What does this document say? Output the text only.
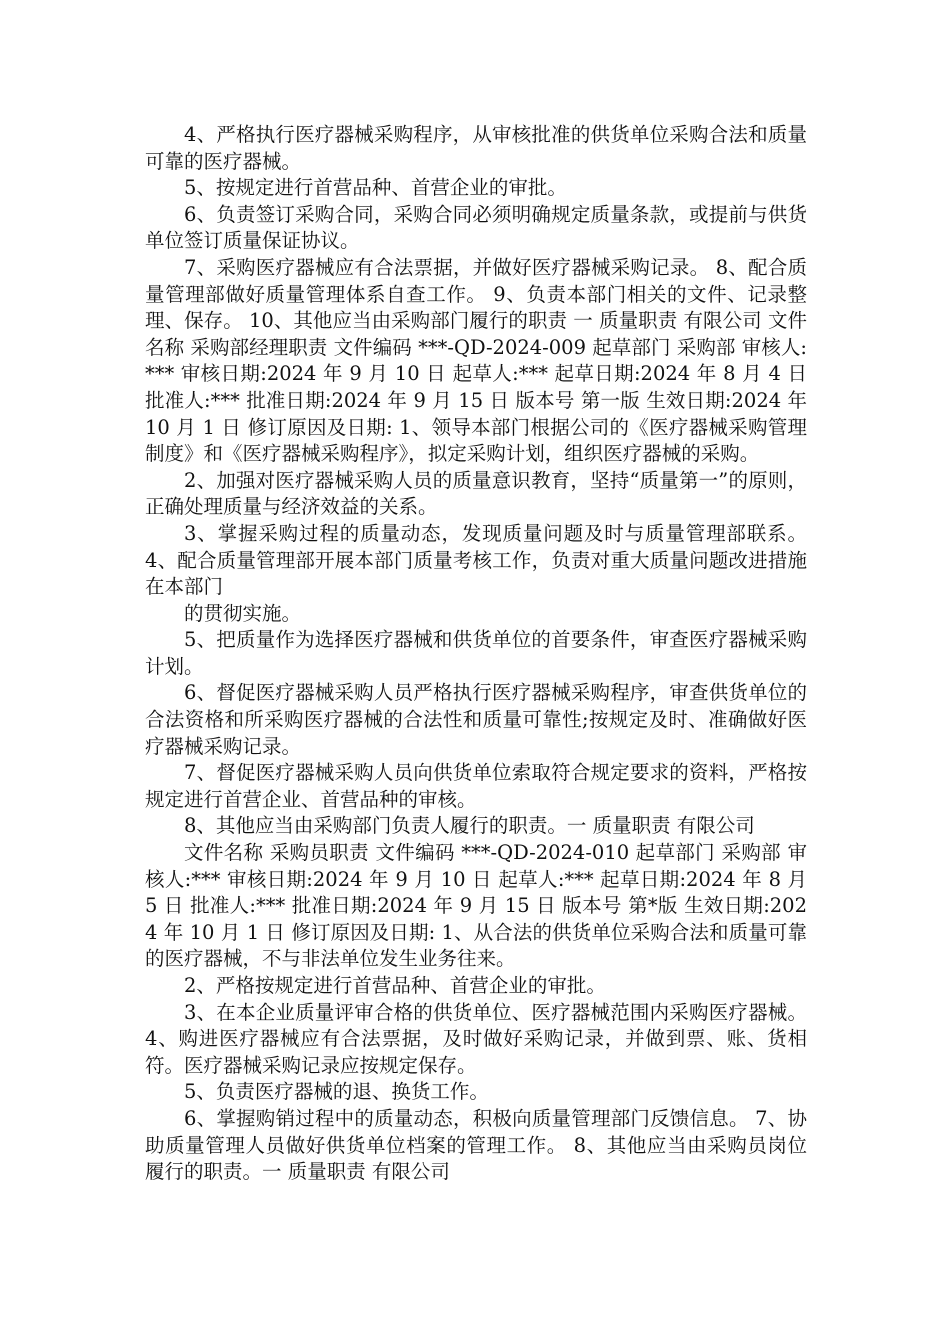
4、严格执行医疗器械采购程序，从审核批准的供货单位采购合法和质量可靠的医疗器械。

5、按规定进行首营品种、首营企业的审批。

6、负责签订采购合同，采购合同必须明确规定质量条款，或提前与供货单位签订质量保证协议。

7、采购医疗器械应有合法票据，并做好医疗器械采购记录。 8、配合质量管理部做好质量管理体系自查工作。 9、负责本部门相关的文件、记录整理、保存。 10、其他应当由采购部门履行的职责 一 质量职责 有限公司 文件名称 采购部经理职责 文件编码 ***-QD-2024-009 起草部门 采购部 审核人:*** 审核日期:2024 年 9 月 10 日 起草人:*** 起草日期:2024 年 8 月 4 日 批准人:*** 批准日期:2024 年 9 月 15 日 版本号 第一版 生效日期:2024 年 10 月 1 日 修订原因及日期: 1、领导本部门根据公司的《医疗器械采购管理制度》和《医疗器械采购程序》，拟定采购计划，组织医疗器械的采购。

2、加强对医疗器械采购人员的质量意识教育，坚持“质量第一”的原则，正确处理质量与经济效益的关系。

3、掌握采购过程的质量动态，发现质量问题及时与质量管理部联系。 4、配合质量管理部开展本部门质量考核工作，负责对重大质量问题改进措施在本部门

的贯彻实施。

5、把质量作为选择医疗器械和供货单位的首要条件，审查医疗器械采购计划。

6、督促医疗器械采购人员严格执行医疗器械采购程序，审查供货单位的合法资格和所采购医疗器械的合法性和质量可靠性;按规定及时、准确做好医疗器械采购记录。

7、督促医疗器械采购人员向供货单位索取符合规定要求的资料，严格按规定进行首营企业、首营品种的审核。

8、其他应当由采购部门负责人履行的职责。一 质量职责 有限公司

文件名称 采购员职责 文件编码 ***-QD-2024-010 起草部门 采购部 审核人:*** 审核日期:2024 年 9 月 10 日 起草人:*** 起草日期:2024 年 8 月 5 日 批准人:*** 批准日期:2024 年 9 月 15 日 版本号 第*版 生效日期:2024 年 10 月 1 日 修订原因及日期: 1、从合法的供货单位采购合法和质量可靠的医疗器械，不与非法单位发生业务往来。

2、严格按规定进行首营品种、首营企业的审批。

3、在本企业质量评审合格的供货单位、医疗器械范围内采购医疗器械。 4、购进医疗器械应有合法票据，及时做好采购记录，并做到票、账、货相符。医疗器械采购记录应按规定保存。

5、负责医疗器械的退、换货工作。

6、掌握购销过程中的质量动态，积极向质量管理部门反馈信息。 7、协助质量管理人员做好供货单位档案的管理工作。 8、其他应当由采购员岗位履行的职责。一 质量职责 有限公司
